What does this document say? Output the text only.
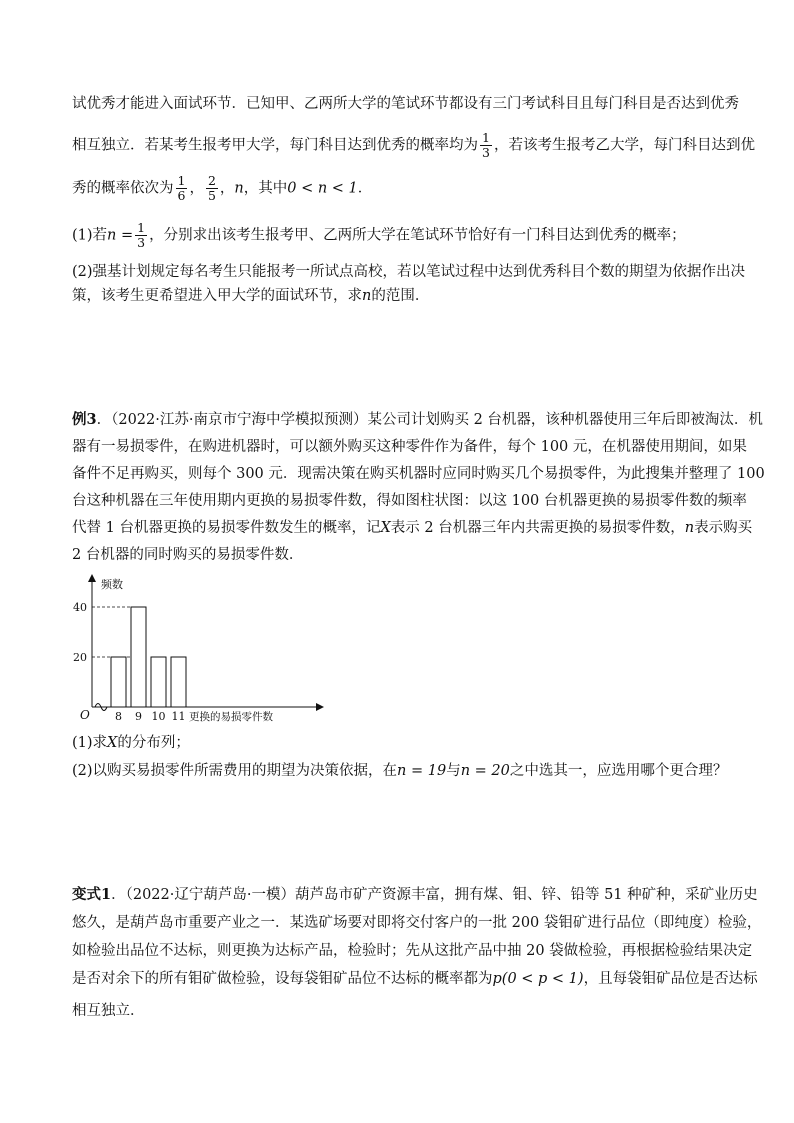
试优秀才能进入面试环节．已知甲、乙两所大学的笔试环节都设有三门考试科目且每门科目是否达到优秀
相互独立．若某考生报考甲大学，每门科目达到优秀的概率均为 $\frac{1}{3}$ ，若该考生报考乙大学，每门科目达到优
秀的概率依次为 $\frac{1}{6}$ ， $\frac{2}{5}$ ，n，其中0 < n < 1．
(1)若$n = \frac{1}{3}$ ，分别求出该考生报考甲、乙两所大学在笔试环节恰好有一门科目达到优秀的概率；
(2)强基计划规定每名考生只能报考一所试点高校，若以笔试过程中达到优秀科目个数的期望为依据作出决
策，该考生更希望进入甲大学的面试环节，求n的范围．
例3．（2022·江苏·南京市宁海中学模拟预测）某公司计划购买 2 台机器，该种机器使用三年后即被淘汰．机
器有一易损零件，在购进机器时，可以额外购买这种零件作为备件，每个 100 元，在机器使用期间，如果
备件不足再购买，则每个 300 元．现需决策在购买机器时应同时购买几个易损零件，为此搜集并整理了 100
台这种机器在三年使用期内更换的易损零件数，得如图柱状图：以这 100 台机器更换的易损零件数的频率
代替 1 台机器更换的易损零件数发生的概率，记X表示 2 台机器三年内共需更换的易损零件数，n表示购买
2 台机器的同时购买的易损零件数．
频数
O 8 9 10 11
20
40
更换的易损零件数
(1)求X的分布列；
(2)以购买易损零件所需费用的期望为决策依据，在n = 19与n = 20之中选其一，应选用哪个更合理？
变式1．（2022·辽宁葫芦岛·一模）葫芦岛市矿产资源丰富，拥有煤、钼、锌、铅等 51 种矿种，采矿业历史
悠久，是葫芦岛市重要产业之一．某选矿场要对即将交付客户的一批 200 袋钼矿进行品位（即纯度）检验，
如检验出品位不达标，则更换为达标产品，检验时；先从这批产品中抽 20 袋做检验，再根据检验结果决定
是否对余下的所有钼矿做检验，设每袋钼矿品位不达标的概率都为p(0 < p < 1)，且每袋钼矿品位是否达标
相互独立．
